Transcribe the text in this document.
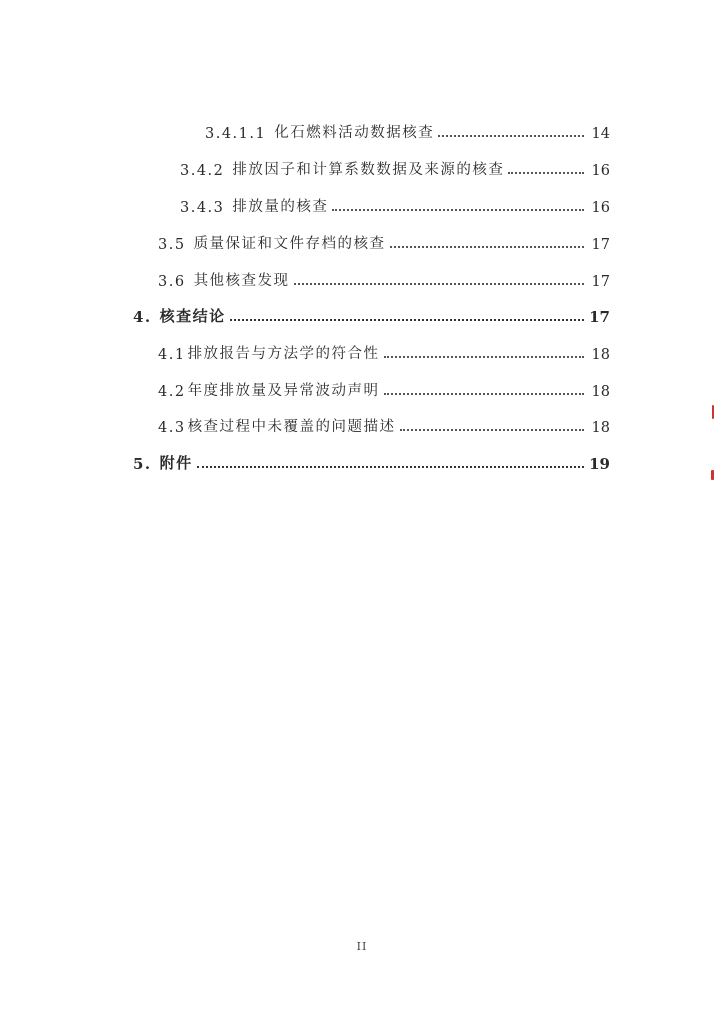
3.4.1.1 化石燃料活动数据核查	14
3.4.2 排放因子和计算系数数据及来源的核查	16
3.4.3 排放量的核查	16
3.5 质量保证和文件存档的核查	17
3.6 其他核查发现	17
4. 核查结论	17
4.1 排放报告与方法学的符合性	18
4.2 年度排放量及异常波动声明	18
4.3 核查过程中未覆盖的问题描述	18
5. 附件	19
II
